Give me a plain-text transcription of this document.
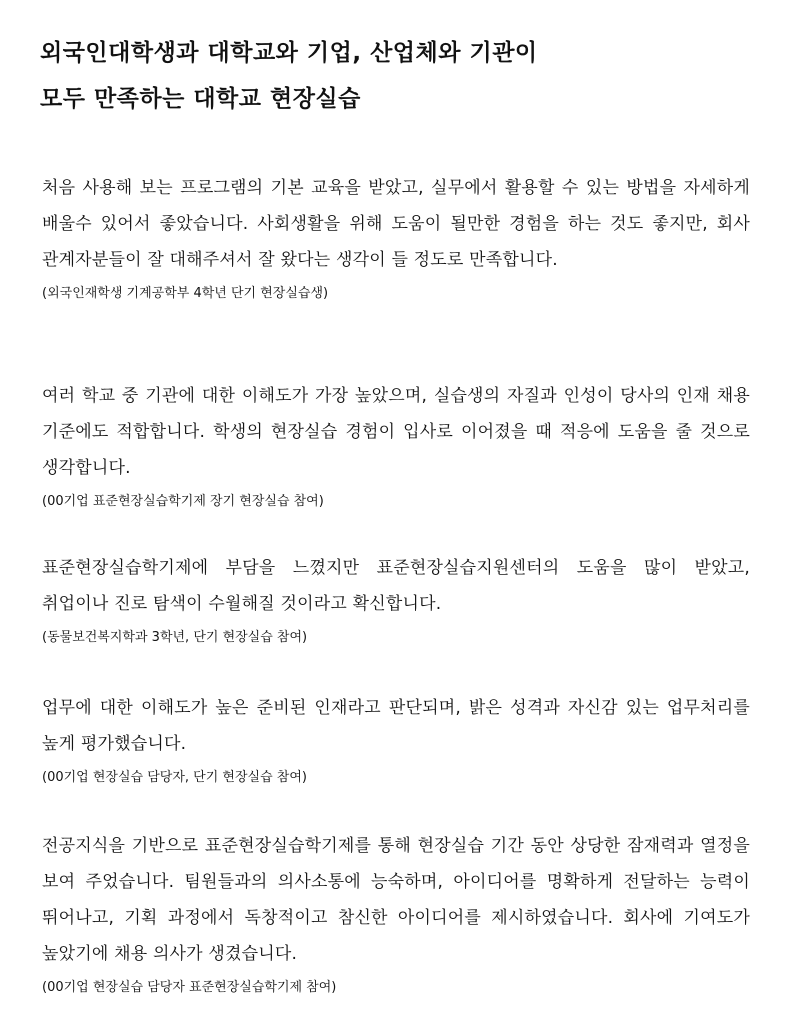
외국인대학생과 대학교와 기업, 산업체와 기관이
모두 만족하는 대학교 현장실습

처음 사용해 보는 프로그램의 기본 교육을 받았고, 실무에서 활용할 수 있는 방법을 자세하게 배울수 있어서 좋았습니다. 사회생활을 위해 도움이 될만한 경험을 하는 것도 좋지만, 회사 관계자분들이 잘 대해주셔서 잘 왔다는 생각이 들 정도로 만족합니다.

(외국인재학생 기계공학부 4학년 단기 현장실습생)

여러 학교 중 기관에 대한 이해도가 가장 높았으며, 실습생의 자질과 인성이 당사의 인재 채용 기준에도 적합합니다. 학생의 현장실습 경험이 입사로 이어졌을 때 적응에 도움을 줄 것으로 생각합니다.

(00기업 표준현장실습학기제 장기 현장실습 참여)

표준현장실습학기제에 부담을 느꼈지만 표준현장실습지원센터의 도움을 많이 받았고, 취업이나 진로 탐색이 수월해질 것이라고 확신합니다.

(동물보건복지학과 3학년, 단기 현장실습 참여)

업무에 대한 이해도가 높은 준비된 인재라고 판단되며, 밝은 성격과 자신감 있는 업무처리를 높게 평가했습니다.

(00기업 현장실습 담당자, 단기 현장실습 참여)

전공지식을 기반으로 표준현장실습학기제를 통해 현장실습 기간 동안 상당한 잠재력과 열정을 보여 주었습니다. 팀원들과의 의사소통에 능숙하며, 아이디어를 명확하게 전달하는 능력이 뛰어나고, 기획 과정에서 독창적이고 참신한 아이디어를 제시하였습니다. 회사에 기여도가 높았기에 채용 의사가 생겼습니다.

(00기업 현장실습 담당자 표준현장실습학기제 참여)
